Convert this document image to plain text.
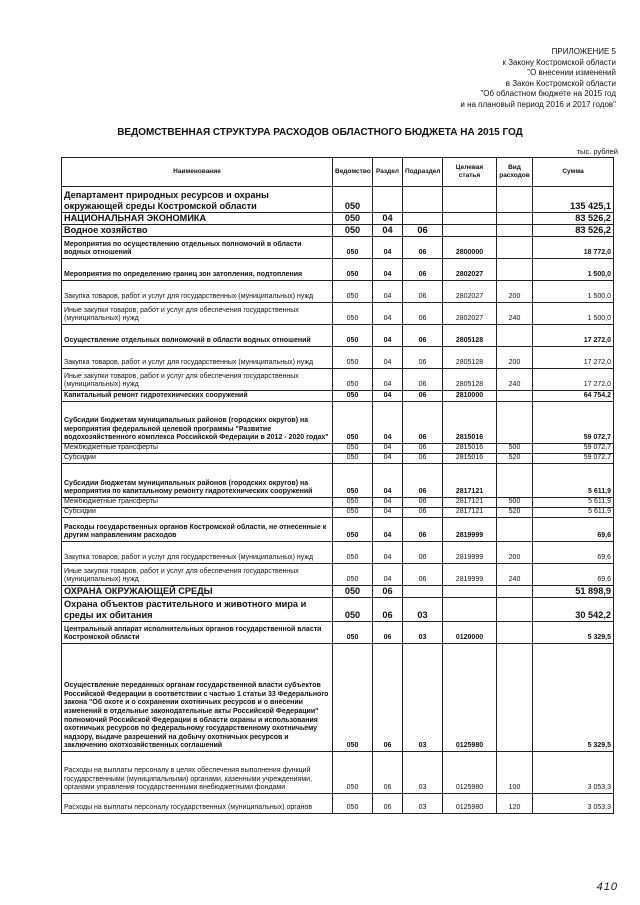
ПРИЛОЖЕНИЕ 5
к Закону Костромской области
"О внесении изменений
в Закон Костромской области
"Об областном бюджете на 2015 год
и на плановый период 2016 и 2017 годов"
ВЕДОМСТВЕННАЯ СТРУКТУРА РАСХОДОВ ОБЛАСТНОГО БЮДЖЕТА НА 2015 ГОД
тыс. рублей
Наименование	Ведомство	Раздел	Подраздел	Целевая статья	Вид расходов	Сумма
Департамент природных ресурсов и охраны окружающей среды Костромской области	050					135 425,1
НАЦИОНАЛЬНАЯ ЭКОНОМИКА	050	04				83 526,2
Водное хозяйство	050	04	06			83 526,2
Мероприятия по осуществлению отдельных полномочий в области водных отношений	050	04	06	2800000		18 772,0
Мероприятия по определению границ зон затопления, подтопления	050	04	06	2802027		1 500,0
Закупка товаров, работ и услуг для государственных (муниципальных) нужд	050	04	06	2802027	200	1 500,0
Иные закупки товаров, работ и услуг для обеспечения государственных (муниципальных) нужд	050	04	06	2802027	240	1 500,0
Осуществление отдельных полномочий в области водных отношений	050	04	06	2805128		17 272,0
Закупка товаров, работ и услуг для государственных (муниципальных) нужд	050	04	06	2805128	200	17 272,0
Иные закупки товаров, работ и услуг для обеспечения государственных (муниципальных) нужд	050	04	06	2805128	240	17 272,0
Капитальный ремонт гидротехнических сооружений	050	04	06	2810000		64 754,2
Субсидии бюджетам муниципальных районов (городских округов) на мероприятия федеральной целевой программы "Развитие водохозяйственного комплекса Российской Федерации в 2012 - 2020 годах"	050	04	06	2815016		59 072,7
Межбюджетные трансферты	050	04	06	2815016	500	59 072,7
Субсидии	050	04	06	2815016	520	59 072,7
Субсидии бюджетам муниципальных районов (городских округов) на мероприятия по капитальному ремонту гидротехнических сооружений	050	04	06	2817121		5 611,9
Межбюджетные трансферты	050	04	06	2817121	500	5 611,9
Субсидии	050	04	06	2817121	520	5 611,9
Расходы государственных органов Костромской области, не отнесенные к другим направлениям расходов	050	04	06	2819999		69,6
Закупка товаров, работ и услуг для государственных (муниципальных) нужд	050	04	06	2819999	200	69,6
Иные закупки товаров, работ и услуг для обеспечения государственных (муниципальных) нужд	050	04	06	2819999	240	69,6
ОХРАНА ОКРУЖАЮЩЕЙ СРЕДЫ	050	06				51 898,9
Охрана объектов растительного и животного мира и среды их обитания	050	06	03			30 542,2
Центральный аппарат исполнительных органов государственной власти Костромской области	050	06	03	0120000		5 329,5
Осуществление переданных органам государственной власти субъектов Российской Федерации в соответствии с частью 1 статьи 33 Федерального закона "Об охоте и о сохранении охотничьих ресурсов и о внесении изменений в отдельные законодательные акты Российской Федерации" полномочий Российской Федерации в области охраны и использования охотничьих ресурсов по федеральному государственному охотничьему надзору, выдаче разрешений на добычу охотничьих ресурсов и заключению охотхозяйственных соглашений	050	06	03	0125980		5 329,5
Расходы на выплаты персоналу в целях обеспечения выполнения функций государственными (муниципальными) органами, казенными учреждениями, органами управления государственными внебюджетными фондами	050	06	03	0125980	100	3 053,3
Расходы на выплаты персоналу государственных (муниципальных) органов	050	06	03	0125980	120	3 053,3
410
